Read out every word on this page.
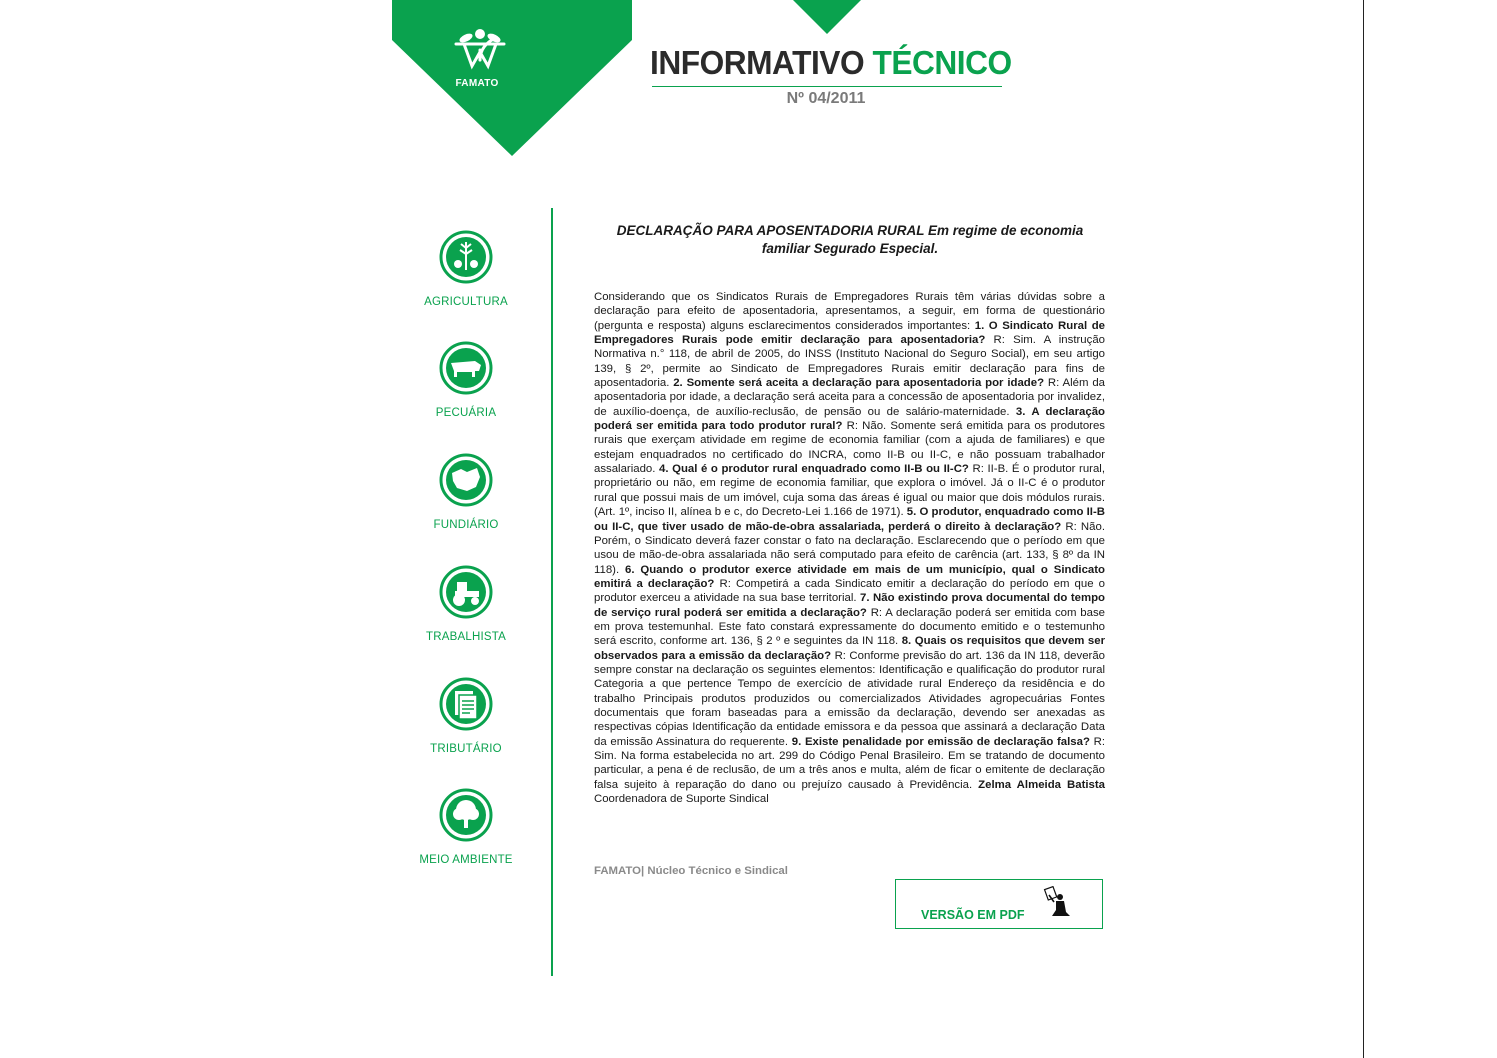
FAMATO
INFORMATIVO TÉCNICO
Nº 04/2011
AGRICULTURA
PECUÁRIA
FUNDIÁRIO
TRABALHISTA
TRIBUTÁRIO
MEIO AMBIENTE
DECLARAÇÃO PARA APOSENTADORIA RURAL Em regime de economia familiar Segurado Especial.
Considerando que os Sindicatos Rurais de Empregadores Rurais têm várias dúvidas sobre a declaração para efeito de aposentadoria, apresentamos, a seguir, em forma de questionário (pergunta e resposta) alguns esclarecimentos considerados importantes: 1. O Sindicato Rural de Empregadores Rurais pode emitir declaração para aposentadoria? R: Sim. A instrução Normativa n.° 118, de abril de 2005, do INSS (Instituto Nacional do Seguro Social), em seu artigo 139, § 2º, permite ao Sindicato de Empregadores Rurais emitir declaração para fins de aposentadoria. 2. Somente será aceita a declaração para aposentadoria por idade? R: Além da aposentadoria por idade, a declaração será aceita para a concessão de aposentadoria por invalidez, de auxílio-doença, de auxílio-reclusão, de pensão ou de salário-maternidade. 3. A declaração poderá ser emitida para todo produtor rural? R: Não. Somente será emitida para os produtores rurais que exerçam atividade em regime de economia familiar (com a ajuda de familiares) e que estejam enquadrados no certificado do INCRA, como II-B ou II-C, e não possuam trabalhador assalariado. 4. Qual é o produtor rural enquadrado como II-B ou II-C? R: II-B. É o produtor rural, proprietário ou não, em regime de economia familiar, que explora o imóvel. Já o II-C é o produtor rural que possui mais de um imóvel, cuja soma das áreas é igual ou maior que dois módulos rurais. (Art. 1º, inciso II, alínea b e c, do Decreto-Lei 1.166 de 1971). 5. O produtor, enquadrado como II-B ou II-C, que tiver usado de mão-de-obra assalariada, perderá o direito à declaração? R: Não. Porém, o Sindicato deverá fazer constar o fato na declaração. Esclarecendo que o período em que usou de mão-de-obra assalariada não será computado para efeito de carência (art. 133, § 8º da IN 118). 6. Quando o produtor exerce atividade em mais de um município, qual o Sindicato emitirá a declaração? R: Competirá a cada Sindicato emitir a declaração do período em que o produtor exerceu a atividade na sua base territorial. 7. Não existindo prova documental do tempo de serviço rural poderá ser emitida a declaração? R: A declaração poderá ser emitida com base em prova testemunhal. Este fato constará expressamente do documento emitido e o testemunho será escrito, conforme art. 136, § 2 º e seguintes da IN 118. 8. Quais os requisitos que devem ser observados para a emissão da declaração? R: Conforme previsão do art. 136 da IN 118, deverão sempre constar na declaração os seguintes elementos: Identificação e qualificação do produtor rural Categoria a que pertence Tempo de exercício de atividade rural Endereço da residência e do trabalho Principais produtos produzidos ou comercializados Atividades agropecuárias Fontes documentais que foram baseadas para a emissão da declaração, devendo ser anexadas as respectivas cópias Identificação da entidade emissora e da pessoa que assinará a declaração Data da emissão Assinatura do requerente. 9. Existe penalidade por emissão de declaração falsa? R: Sim. Na forma estabelecida no art. 299 do Código Penal Brasileiro. Em se tratando de documento particular, a pena é de reclusão, de um a três anos e multa, além de ficar o emitente de declaração falsa sujeito à reparação do dano ou prejuízo causado à Previdência. Zelma Almeida Batista Coordenadora de Suporte Sindical
FAMATO| Núcleo Técnico e Sindical
VERSÃO EM PDF
